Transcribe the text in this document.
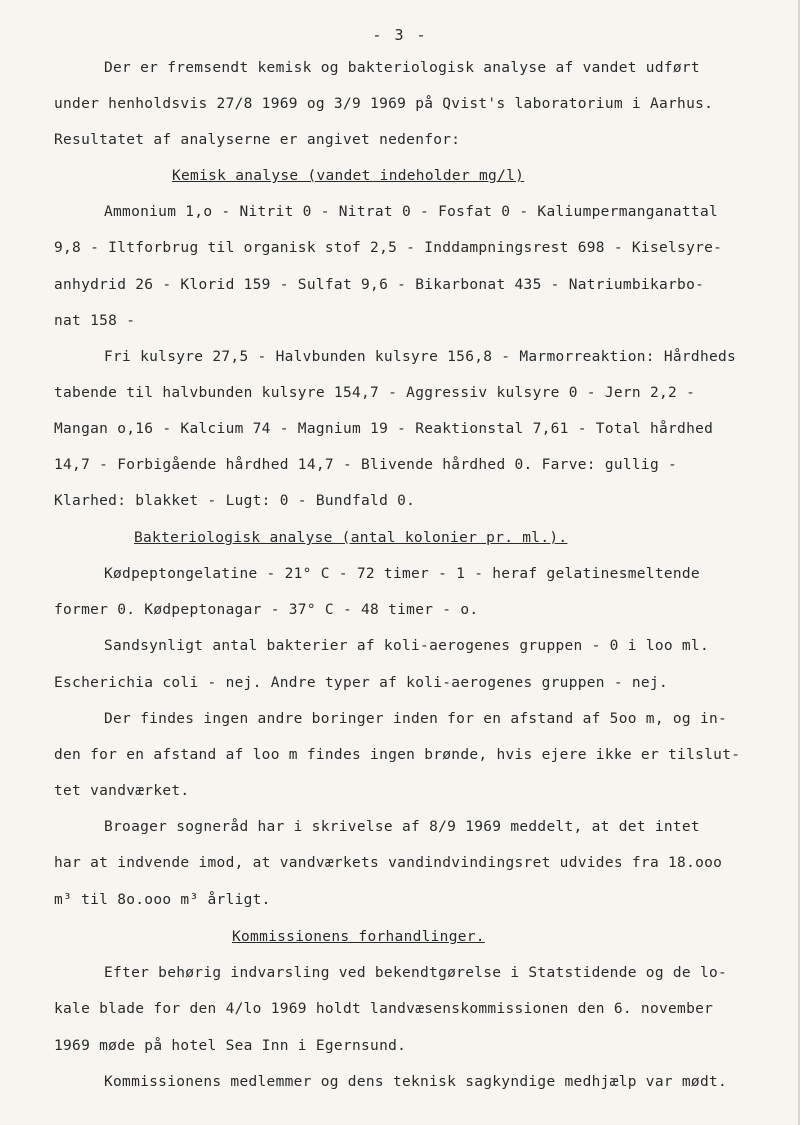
- 3 -
Der er fremsendt kemisk og bakteriologisk analyse af vandet udført
under henholdsvis 27/8 1969 og 3/9 1969 på Qvist's laboratorium i Aarhus.
Resultatet af analyserne er angivet nedenfor:
Kemisk analyse (vandet indeholder mg/l)
Ammonium 1,o - Nitrit 0 - Nitrat 0 - Fosfat 0 - Kaliumpermanganattal
9,8 - Iltforbrug til organisk stof 2,5 - Inddampningsrest 698 - Kiselsyre-
anhydrid 26 - Klorid 159 - Sulfat 9,6 - Bikarbonat 435 - Natriumbikarbo-
nat 158 -
Fri kulsyre 27,5 - Halvbunden kulsyre 156,8 - Marmorreaktion: Hårdheds
tabende til halvbunden kulsyre 154,7 - Aggressiv kulsyre 0 - Jern 2,2 -
Mangan o,16 - Kalcium 74 - Magnium 19 - Reaktionstal 7,61 - Total hårdhed
14,7 - Forbigående hårdhed 14,7 - Blivende hårdhed 0. Farve: gullig -
Klarhed: blakket - Lugt: 0 - Bundfald 0.
Bakteriologisk analyse (antal kolonier pr. ml.).
Kødpeptongelatine - 21° C - 72 timer - 1 - heraf gelatinesmeltende
former 0. Kødpeptonagar - 37° C - 48 timer - o.
Sandsynligt antal bakterier af koli-aerogenes gruppen - 0 i loo ml.
Escherichia coli - nej. Andre typer af koli-aerogenes gruppen - nej.
Der findes ingen andre boringer inden for en afstand af 5oo m, og in-
den for en afstand af loo m findes ingen brønde, hvis ejere ikke er tilslut-
tet vandværket.
Broager sogneråd har i skrivelse af 8/9 1969 meddelt, at det intet
har at indvende imod, at vandværkets vandindvindingsret udvides fra 18.ooo
m³ til 8o.ooo m³ årligt.
Kommissionens forhandlinger.
Efter behørig indvarsling ved bekendtgørelse i Statstidende og de lo-
kale blade for den 4/lo 1969 holdt landvæsenskommissionen den 6. november
1969 møde på hotel Sea Inn i Egernsund.
Kommissionens medlemmer og dens teknisk sagkyndige medhjælp var mødt.
